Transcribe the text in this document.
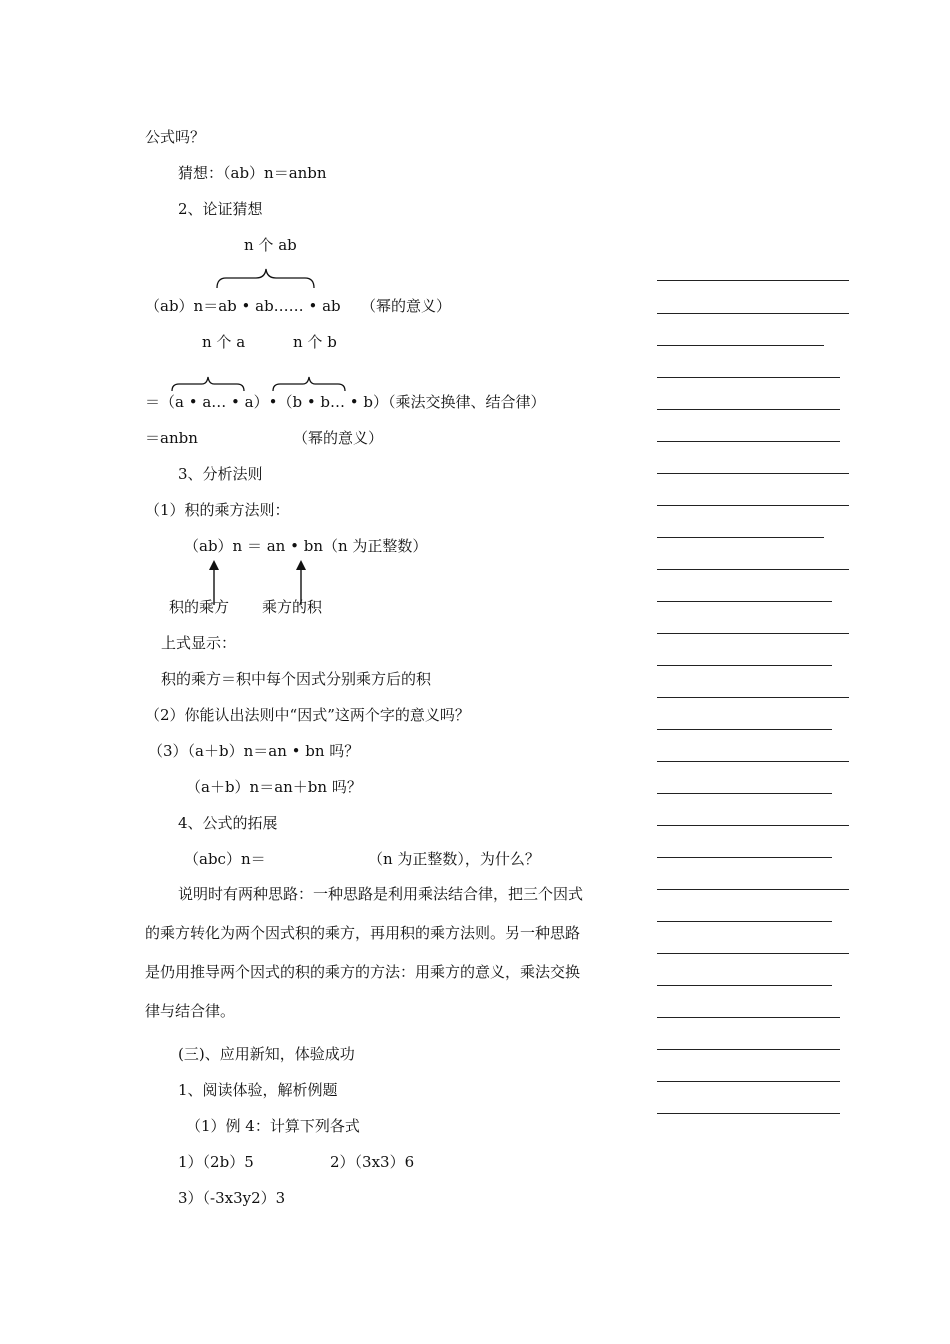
公式吗？
猜想：（ab）n＝anbn
2、论证猜想
n 个 ab
（ab）n＝ab • ab…… • ab （幂的意义）
n 个 a	n 个 b
＝（a • a… • a）•（b • b… • b）（乘法交换律、结合律）
＝anbn	（幂的意义）
3、分析法则
（1）积的乘方法则：
（ab）n ＝ an • bn（n 为正整数）
积的乘方 乘方的积
上式显示：
积的乘方＝积中每个因式分别乘方后的积
（2）你能认出法则中“因式”这两个字的意义吗？
（3）（a＋b）n＝an • bn 吗？
（a＋b）n＝an＋bn 吗？
4、公式的拓展
（abc）n＝	（n 为正整数），为什么？
说明时有两种思路：一种思路是利用乘法结合律，把三个因式
的乘方转化为两个因式积的乘方，再用积的乘方法则。另一种思路
是仍用推导两个因式的积的乘方的方法：用乘方的意义，乘法交换
律与结合律。
(三)、应用新知，体验成功
1、阅读体验，解析例题
（1）例 4：计算下列各式
1）（2b）5	2）（3x3）6
3）（-3x3y2）3
